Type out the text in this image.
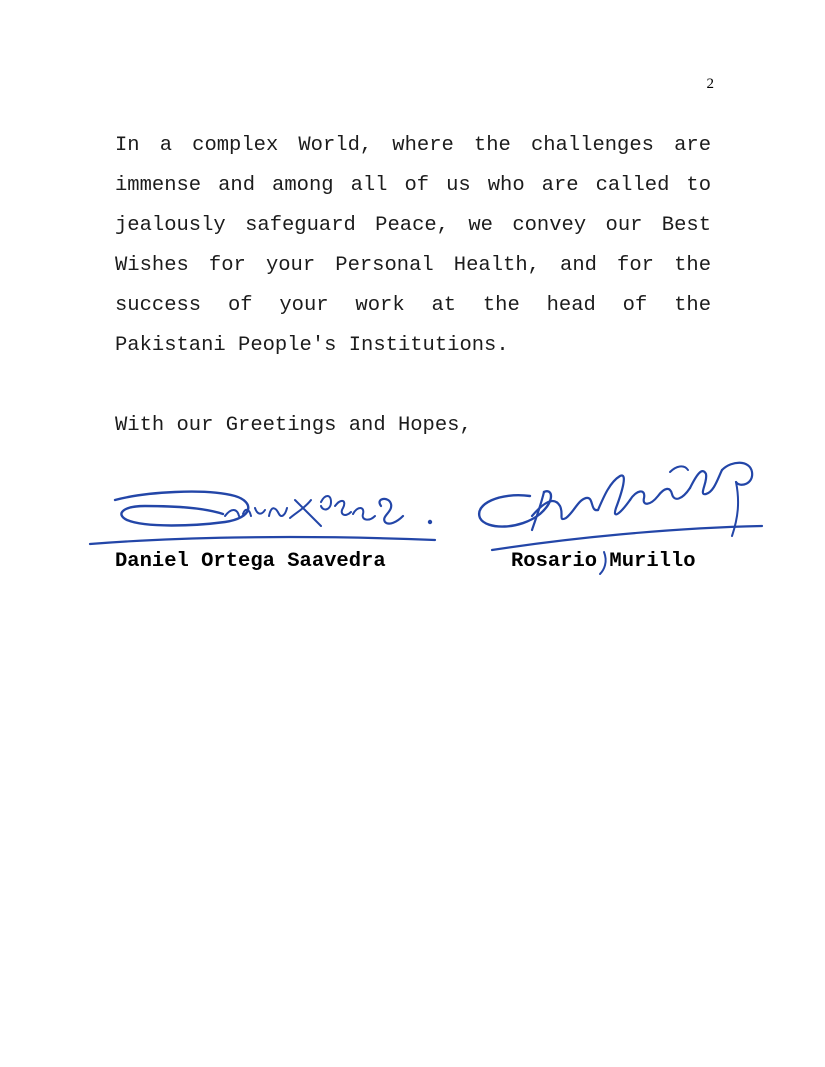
2

In a complex World, where the challenges are immense and among all of us who are called to jealously safeguard Peace, we convey our Best Wishes for your Personal Health, and for the success of your work at the head of the Pakistani People's Institutions.

With our Greetings and Hopes,

Daniel Ortega Saavedra	Rosario Murillo
